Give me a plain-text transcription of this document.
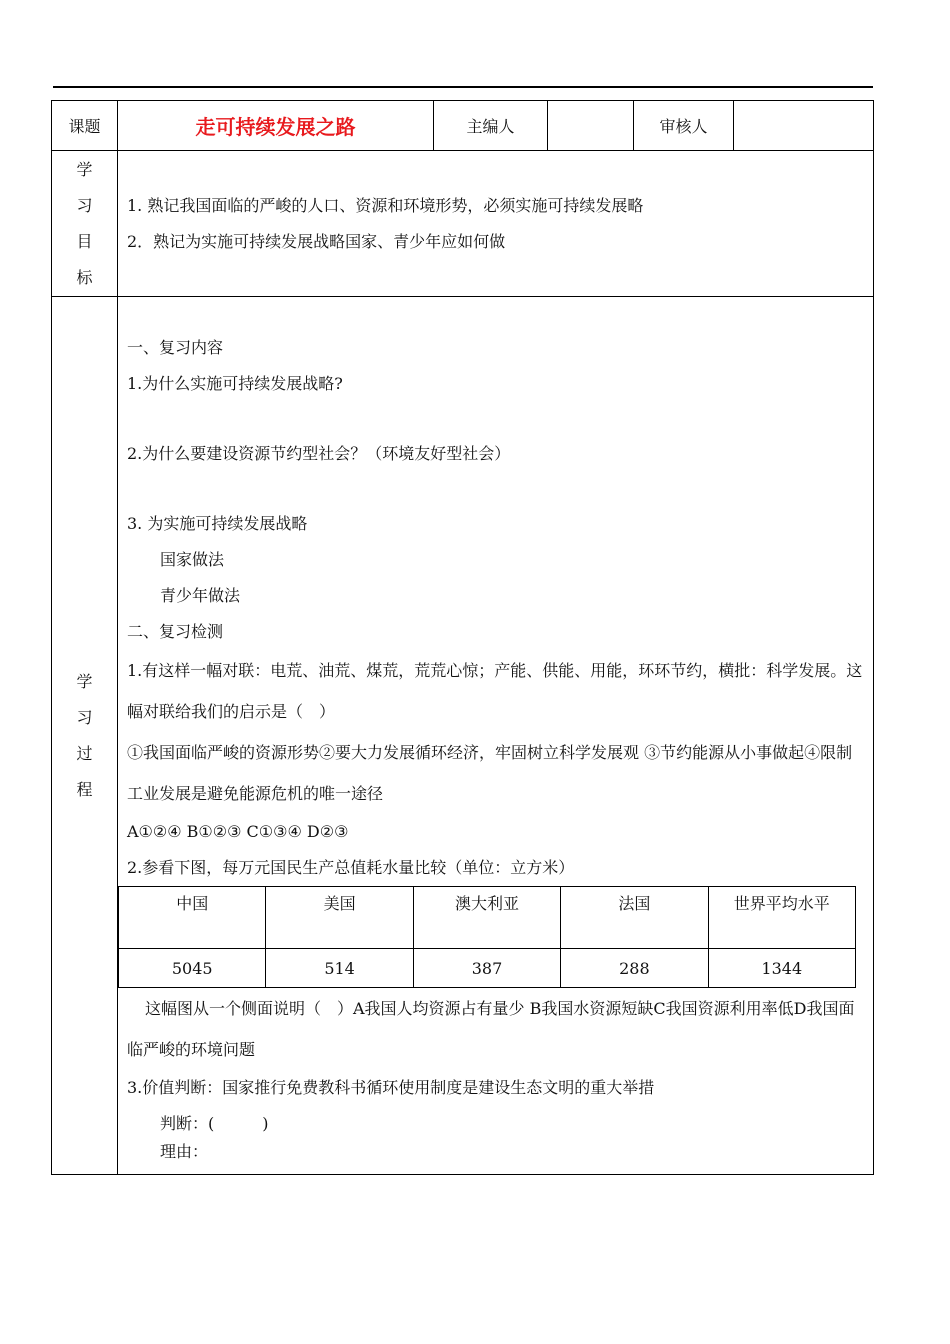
课题	走可持续发展之路	主编人		审核人	

学
习
目
标

1. 熟记我国面临的严峻的人口、资源和环境形势，必须实施可持续发展略
2．熟记为实施可持续发展战略国家、青少年应如何做

学
习
过
程

一、复习内容
1.为什么实施可持续发展战略?
2.为什么要建设资源节约型社会？（环境友好型社会）
3. 为实施可持续发展战略
国家做法
青少年做法
二、复习检测
1.有这样一幅对联：电荒、油荒、煤荒，荒荒心惊；产能、供能、用能，环环节约，横批：科学发展。这幅对联给我们的启示是（　）
①我国面临严峻的资源形势②要大力发展循环经济，牢固树立科学发展观 ③节约能源从小事做起④限制工业发展是避免能源危机的唯一途径
A①②④ B①②③ C①③④ D②③
2.参看下图，每万元国民生产总值耗水量比较（单位：立方米）
中国	美国	澳大利亚	法国	世界平均水平
5045	514	387	288	1344
这幅图从一个侧面说明（　）A我国人均资源占有量少 B我国水资源短缺C我国资源利用率低D我国面临严峻的环境问题
3.价值判断：国家推行免费教科书循环使用制度是建设生态文明的重大举措
判断：(　　　)
理由：
